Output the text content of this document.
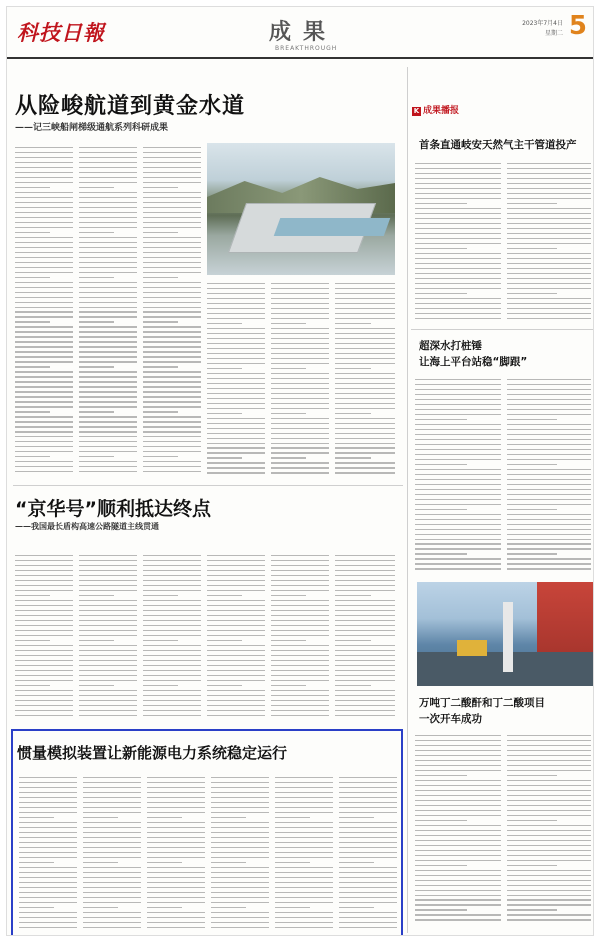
科技日報	成果
BREAKTHROUGH
2023年7月4日
星期二 5
从险峻航道到黄金水道
——记三峡船闸梯级通航系列科研成果
“京华号”顺利抵达终点
——我国最长盾构高速公路隧道主线贯通
惯量模拟装置让新能源电力系统稳定运行
K 成果播报
首条直通岐安天然气主干管道投产
超深水打桩锤
让海上平台站稳“脚跟”
万吨丁二酸酐和丁二酸项目
一次开车成功
